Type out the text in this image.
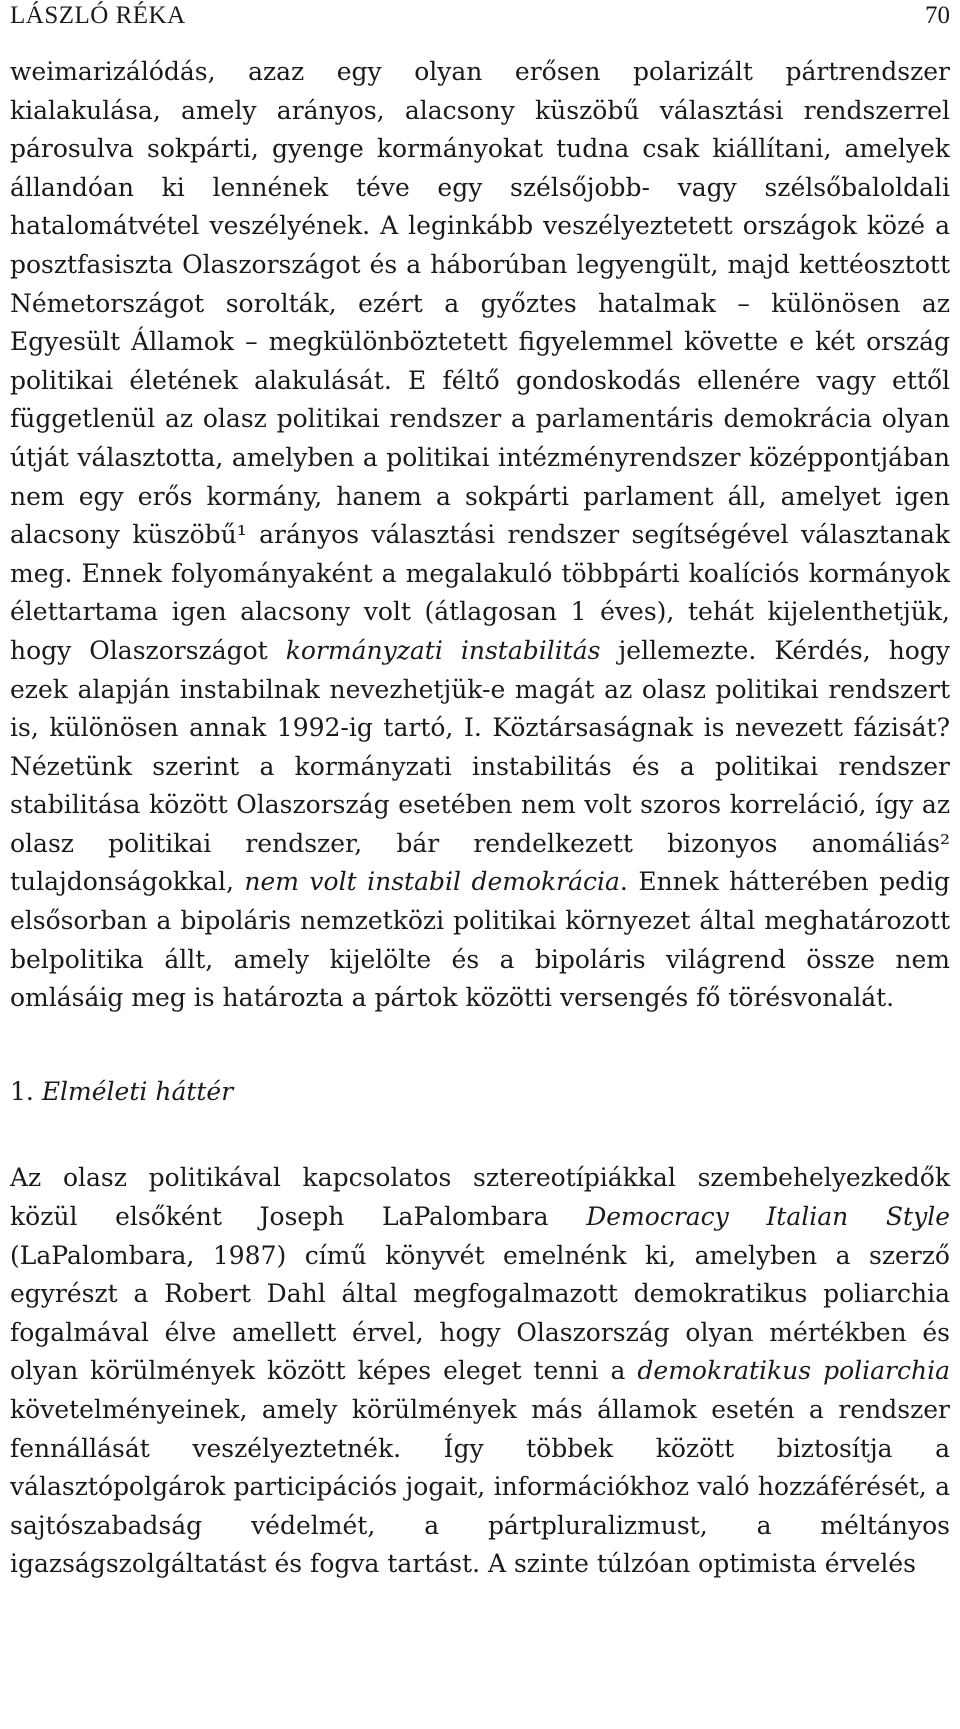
LÁSZLÓ RÉKA	70

weimarizálódás, azaz egy olyan erősen polarizált pártrendszer kialakulása, amely arányos, alacsony küszöbű választási rendszerrel párosulva sokpárti, gyenge kormányokat tudna csak kiállítani, amelyek állandóan ki lennének téve egy szélsőjobb- vagy szélsőbaloldali hatalomátvétel veszélyének. A leginkább veszélyeztetett országok közé a posztfasiszta Olaszországot és a háborúban legyengült, majd kettéosztott Németországot sorolták, ezért a győztes hatalmak – különösen az Egyesült Államok – megkülönböztetett figyelemmel követte e két ország politikai életének alakulását. E féltő gondoskodás ellenére vagy ettől függetlenül az olasz politikai rendszer a parlamentáris demokrácia olyan útját választotta, amelyben a politikai intézményrendszer középpontjában nem egy erős kormány, hanem a sokpárti parlament áll, amelyet igen alacsony küszöbű¹ arányos választási rendszer segítségével választanak meg. Ennek folyományaként a megalakuló többpárti koalíciós kormányok élettartama igen alacsony volt (átlagosan 1 éves), tehát kijelenthetjük, hogy Olaszországot kormányzati instabilitás jellemezte. Kérdés, hogy ezek alapján instabilnak nevezhetjük-e magát az olasz politikai rendszert is, különösen annak 1992-ig tartó, I. Köztársaságnak is nevezett fázisát? Nézetünk szerint a kormányzati instabilitás és a politikai rendszer stabilitása között Olaszország esetében nem volt szoros korreláció, így az olasz politikai rendszer, bár rendelkezett bizonyos anomáliás² tulajdonságokkal, nem volt instabil demokrácia. Ennek hátterében pedig elsősorban a bipoláris nemzetközi politikai környezet által meghatározott belpolitika állt, amely kijelölte és a bipoláris világrend össze nem omlásáig meg is határozta a pártok közötti versengés fő törésvonalát.

1. Elméleti háttér

Az olasz politikával kapcsolatos sztereotípiákkal szembehelyezkedők közül elsőként Joseph LaPalombara Democracy Italian Style (LaPalombara, 1987) című könyvét emelnénk ki, amelyben a szerző egyrészt a Robert Dahl által megfogalmazott demokratikus poliarchia fogalmával élve amellett érvel, hogy Olaszország olyan mértékben és olyan körülmények között képes eleget tenni a demokratikus poliarchia követelményeinek, amely körülmények más államok esetén a rendszer fennállását veszélyeztetnék. Így többek között biztosítja a választópolgárok participációs jogait, információkhoz való hozzáférését, a sajtószabadság védelmét, a pártpluralizmust, a méltányos igazságszolgáltatást és fogva tartást. A szinte túlzóan optimista érvelés
